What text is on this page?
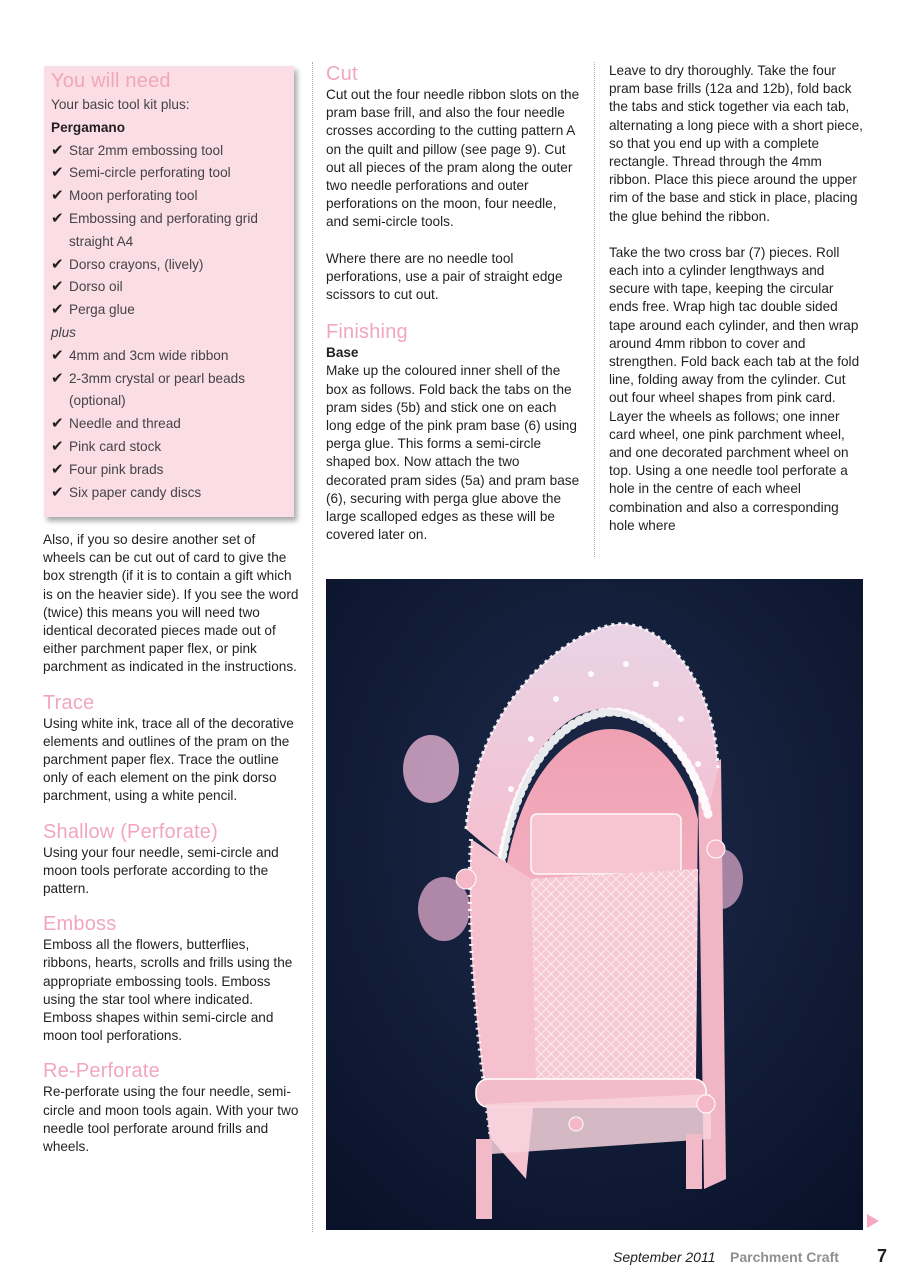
You will need
Your basic tool kit plus:
Pergamano
✔ Star 2mm embossing tool
✔ Semi-circle perforating tool
✔ Moon perforating tool
✔ Embossing and perforating grid straight A4
✔ Dorso crayons, (lively)
✔ Dorso oil
✔ Perga glue
plus
✔ 4mm and 3cm wide ribbon
✔ 2-3mm crystal or pearl beads (optional)
✔ Needle and thread
✔ Pink card stock
✔ Four pink brads
✔ Six paper candy discs

Also, if you so desire another set of wheels can be cut out of card to give the box strength (if it is to contain a gift which is on the heavier side). If you see the word (twice) this means you will need two identical decorated pieces made out of either parchment paper flex, or pink parchment as indicated in the instructions.

Trace

Using white ink, trace all of the decorative elements and outlines of the pram on the parchment paper flex. Trace the outline only of each element on the pink dorso parchment, using a white pencil.

Shallow (Perforate)

Using your four needle, semi-circle and moon tools perforate according to the pattern.

Emboss

Emboss all the flowers, butterflies, ribbons, hearts, scrolls and frills using the appropriate embossing tools. Emboss using the star tool where indicated. Emboss shapes within semi-circle and moon tool perforations.

Re-Perforate

Re-perforate using the four needle, semi-circle and moon tools again. With your two needle tool perforate around frills and wheels.

Cut

Cut out the four needle ribbon slots on the pram base frill, and also the four needle crosses according to the cutting pattern A on the quilt and pillow (see page 9). Cut out all pieces of the pram along the outer two needle perforations and outer perforations on the moon, four needle, and semi-circle tools.

Where there are no needle tool perforations, use a pair of straight edge scissors to cut out.

Finishing

Base

Make up the coloured inner shell of the box as follows. Fold back the tabs on the pram sides (5b) and stick one on each long edge of the pink pram base (6) using perga glue. This forms a semi-circle shaped box. Now attach the two decorated pram sides (5a) and pram base (6), securing with perga glue above the large scalloped edges as these will be covered later on.

Leave to dry thoroughly. Take the four pram base frills (12a and 12b), fold back the tabs and stick together via each tab, alternating a long piece with a short piece, so that you end up with a complete rectangle. Thread through the 4mm ribbon. Place this piece around the upper rim of the base and stick in place, placing the glue behind the ribbon.

Take the two cross bar (7) pieces. Roll each into a cylinder lengthways and secure with tape, keeping the circular ends free. Wrap high tac double sided tape around each cylinder, and then wrap around 4mm ribbon to cover and strengthen. Fold back each tab at the fold line, folding away from the cylinder. Cut out four wheel shapes from pink card. Layer the wheels as follows; one inner card wheel, one pink parchment wheel, and one decorated parchment wheel on top. Using a one needle tool perforate a hole in the centre of each wheel combination and also a corresponding hole where

September 2011 Parchment Craft 7
